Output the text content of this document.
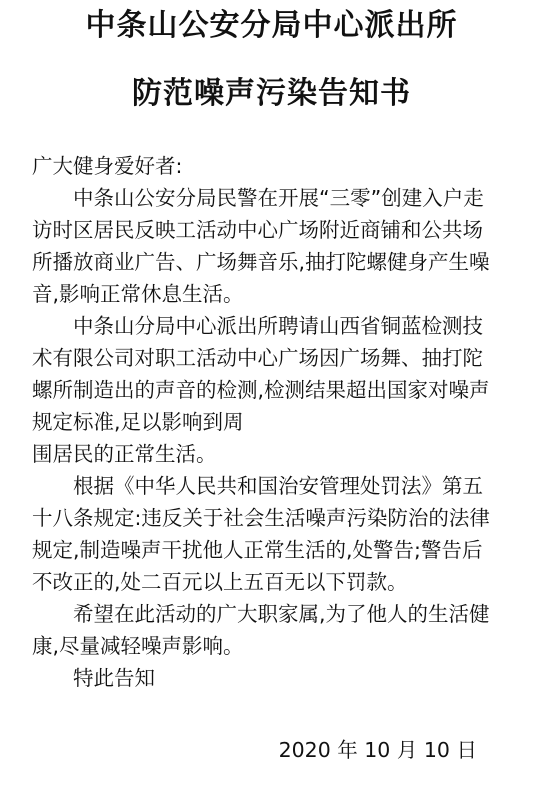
中条山公安分局中心派出所
防范噪声污染告知书
广大健身爱好者:
中条山公安分局民警在开展“三零”创建入户走
访时区居民反映工活动中心广场附近商铺和公共场
所播放商业广告、广场舞音乐,抽打陀螺健身产生噪
音,影响正常休息生活。
中条山分局中心派出所聘请山西省铜蓝检测技
术有限公司对职工活动中心广场因广场舞、抽打陀
螺所制造出的声音的检测,检测结果超出国家对噪声
规定标准,足以影响到周
围居民的正常生活。
根据《中华人民共和国治安管理处罚法》第五
十八条规定:违反关于社会生活噪声污染防治的法律
规定,制造噪声干扰他人正常生活的,处警告;警告后
不改正的,处二百元以上五百无以下罚款。
希望在此活动的广大职家属,为了他人的生活健
康,尽量减轻噪声影响。
特此告知
2020 年 10 月 10 日
